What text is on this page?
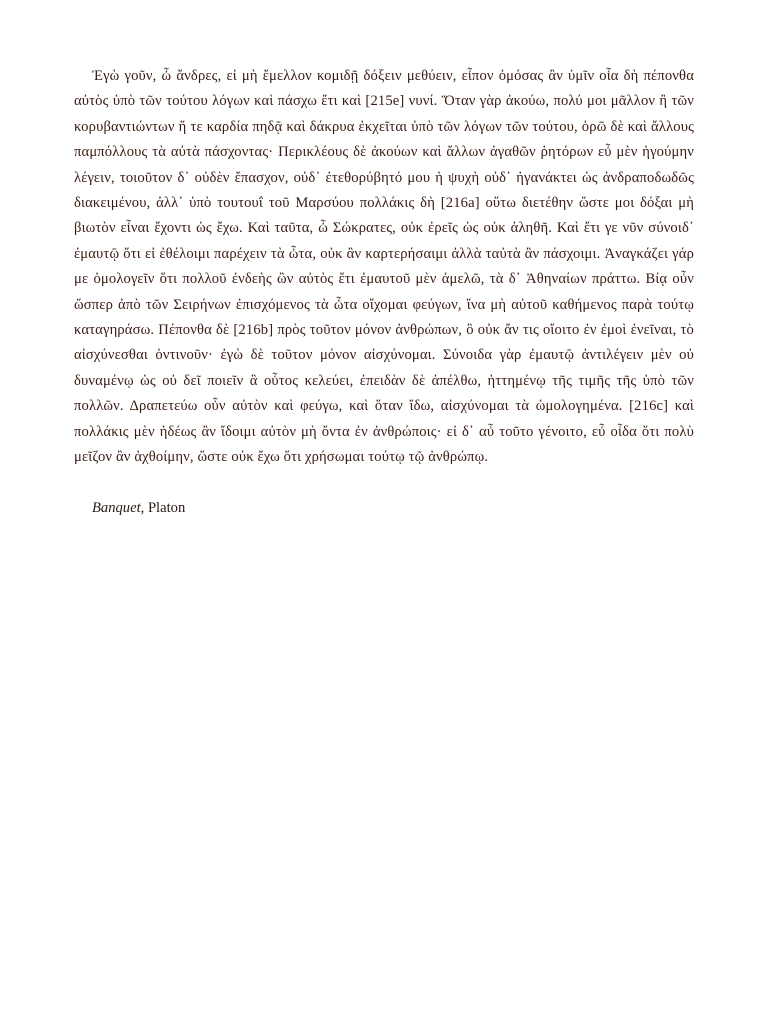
Ἐγὼ γοῦν, ὦ ἄνδρες, εἰ μὴ ἔμελλον κομιδῇ δόξειν μεθύειν, εἶπον ὀμόσας ἂν ὑμῖν οἷα δὴ πέπονθα αὐτὸς ὑπὸ τῶν τούτου λόγων καὶ πάσχω ἔτι καὶ [215e] νυνί. Ὅταν γὰρ ἀκούω, πολύ μοι μᾶλλον ἢ τῶν κορυβαντιώντων ἥ τε καρδία πηδᾷ καὶ δάκρυα ἐκχεῖται ὑπὸ τῶν λόγων τῶν τούτου, ὁρῶ δὲ καὶ ἄλλους παμπόλλους τὰ αὐτὰ πάσχοντας· Περικλέους δὲ ἀκούων καὶ ἄλλων ἀγαθῶν ῥητόρων εὖ μὲν ἡγούμην λέγειν, τοιοῦτον δ᾽ οὐδὲν ἔπασχον, οὐδ᾽ ἐτεθορύβητό μου ἡ ψυχὴ οὐδ᾽ ἠγανάκτει ὡς ἀνδραποδωδῶς διακειμένου, ἀλλ᾽ ὑπὸ τουτουΐ τοῦ Μαρσύου πολλάκις δὴ [216a] οὕτω διετέθην ὥστε μοι δόξαι μὴ βιωτὸν εἶναι ἔχοντι ὡς ἔχω. Καὶ ταῦτα, ὦ Σώκρατες, οὐκ ἐρεῖς ὡς οὐκ ἀληθῆ. Καὶ ἔτι γε νῦν σύνοιδ᾽ ἐμαυτῷ ὅτι εἰ ἐθέλοιμι παρέχειν τὰ ὦτα, οὐκ ἂν καρτερήσαιμι ἀλλὰ ταὐτὰ ἂν πάσχοιμι. Ἀναγκάζει γάρ με ὁμολογεῖν ὅτι πολλοῦ ἐνδεὴς ὢν αὐτὸς ἔτι ἐμαυτοῦ μὲν ἀμελῶ, τὰ δ᾽ Ἀθηναίων πράττω. Βίᾳ οὖν ὥσπερ ἀπὸ τῶν Σειρήνων ἐπισχόμενος τὰ ὦτα οἴχομαι φεύγων, ἵνα μὴ αὐτοῦ καθήμενος παρὰ τούτῳ καταγηράσω. Πέπονθα δὲ [216b] πρὸς τοῦτον μόνον ἀνθρώπων, ὃ οὐκ ἄν τις οἴοιτο ἐν ἐμοὶ ἐνεῖναι, τὸ αἰσχύνεσθαι ὁντινοῦν· ἐγὼ δὲ τοῦτον μόνον αἰσχύνομαι. Σύνοιδα γὰρ ἐμαυτῷ ἀντιλέγειν μὲν οὐ δυναμένῳ ὡς οὐ δεῖ ποιεῖν ἃ οὗτος κελεύει, ἐπειδὰν δὲ ἀπέλθω, ἡττημένῳ τῆς τιμῆς τῆς ὑπὸ τῶν πολλῶν. Δραπετεύω οὖν αὐτὸν καὶ φεύγω, καὶ ὅταν ἴδω, αἰσχύνομαι τὰ ὡμολογημένα. [216c] καὶ πολλάκις μὲν ἡδέως ἂν ἴδοιμι αὐτὸν μὴ ὄντα ἐν ἀνθρώποις· εἰ δ᾽ αὖ τοῦτο γένοιτο, εὖ οἶδα ὅτι πολὺ μεῖζον ἂν ἀχθοίμην, ὥστε οὐκ ἔχω ὅτι χρήσωμαι τούτῳ τῷ ἀνθρώπῳ.

Banquet, Platon
